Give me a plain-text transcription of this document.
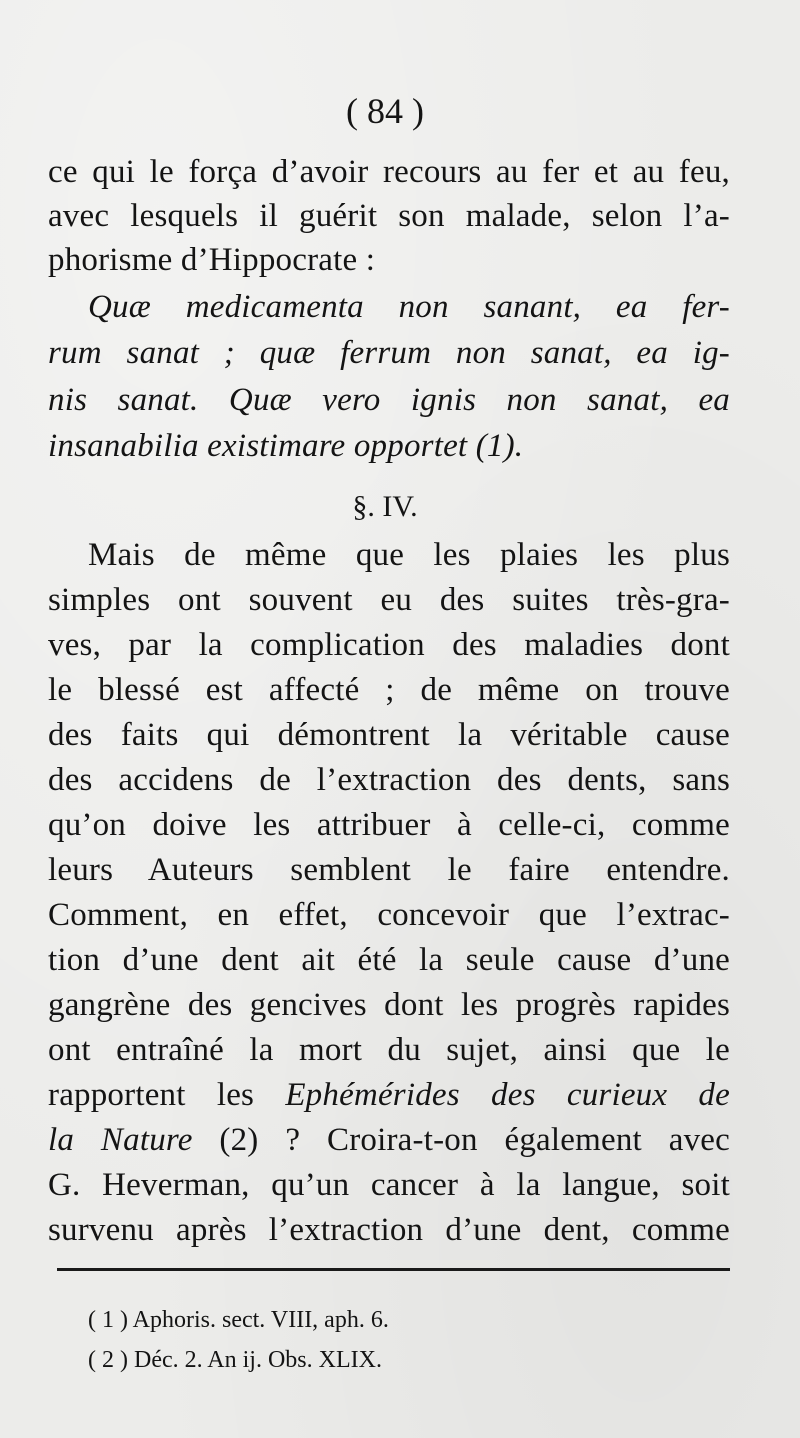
( 84 )
ce qui le força d’avoir recours au fer et au feu,
avec lesquels il guérit son malade, selon l’a-
phorisme d’Hippocrate :
Quæ medicamenta non sanant, ea fer-
rum sanat ; quæ ferrum non sanat, ea ig-
nis sanat. Quæ vero ignis non sanat, ea
insanabilia existimare opportet (1).
§. IV.
Mais de même que les plaies les plus
simples ont souvent eu des suites très-gra-
ves, par la complication des maladies dont
le blessé est affecté ; de même on trouve
des faits qui démontrent la véritable cause
des accidens de l’extraction des dents, sans
qu’on doive les attribuer à celle-ci, comme
leurs Auteurs semblent le faire entendre.
Comment, en effet, concevoir que l’extrac-
tion d’une dent ait été la seule cause d’une
gangrène des gencives dont les progrès rapides
ont entraîné la mort du sujet, ainsi que le
rapportent les Ephémérides des curieux de
la Nature (2) ? Croira-t-on également avec
G. Heverman, qu’un cancer à la langue, soit
survenu après l’extraction d’une dent, comme
( 1 ) Aphoris. sect. VIII, aph. 6.
( 2 ) Déc. 2. An ij. Obs. XLIX.
